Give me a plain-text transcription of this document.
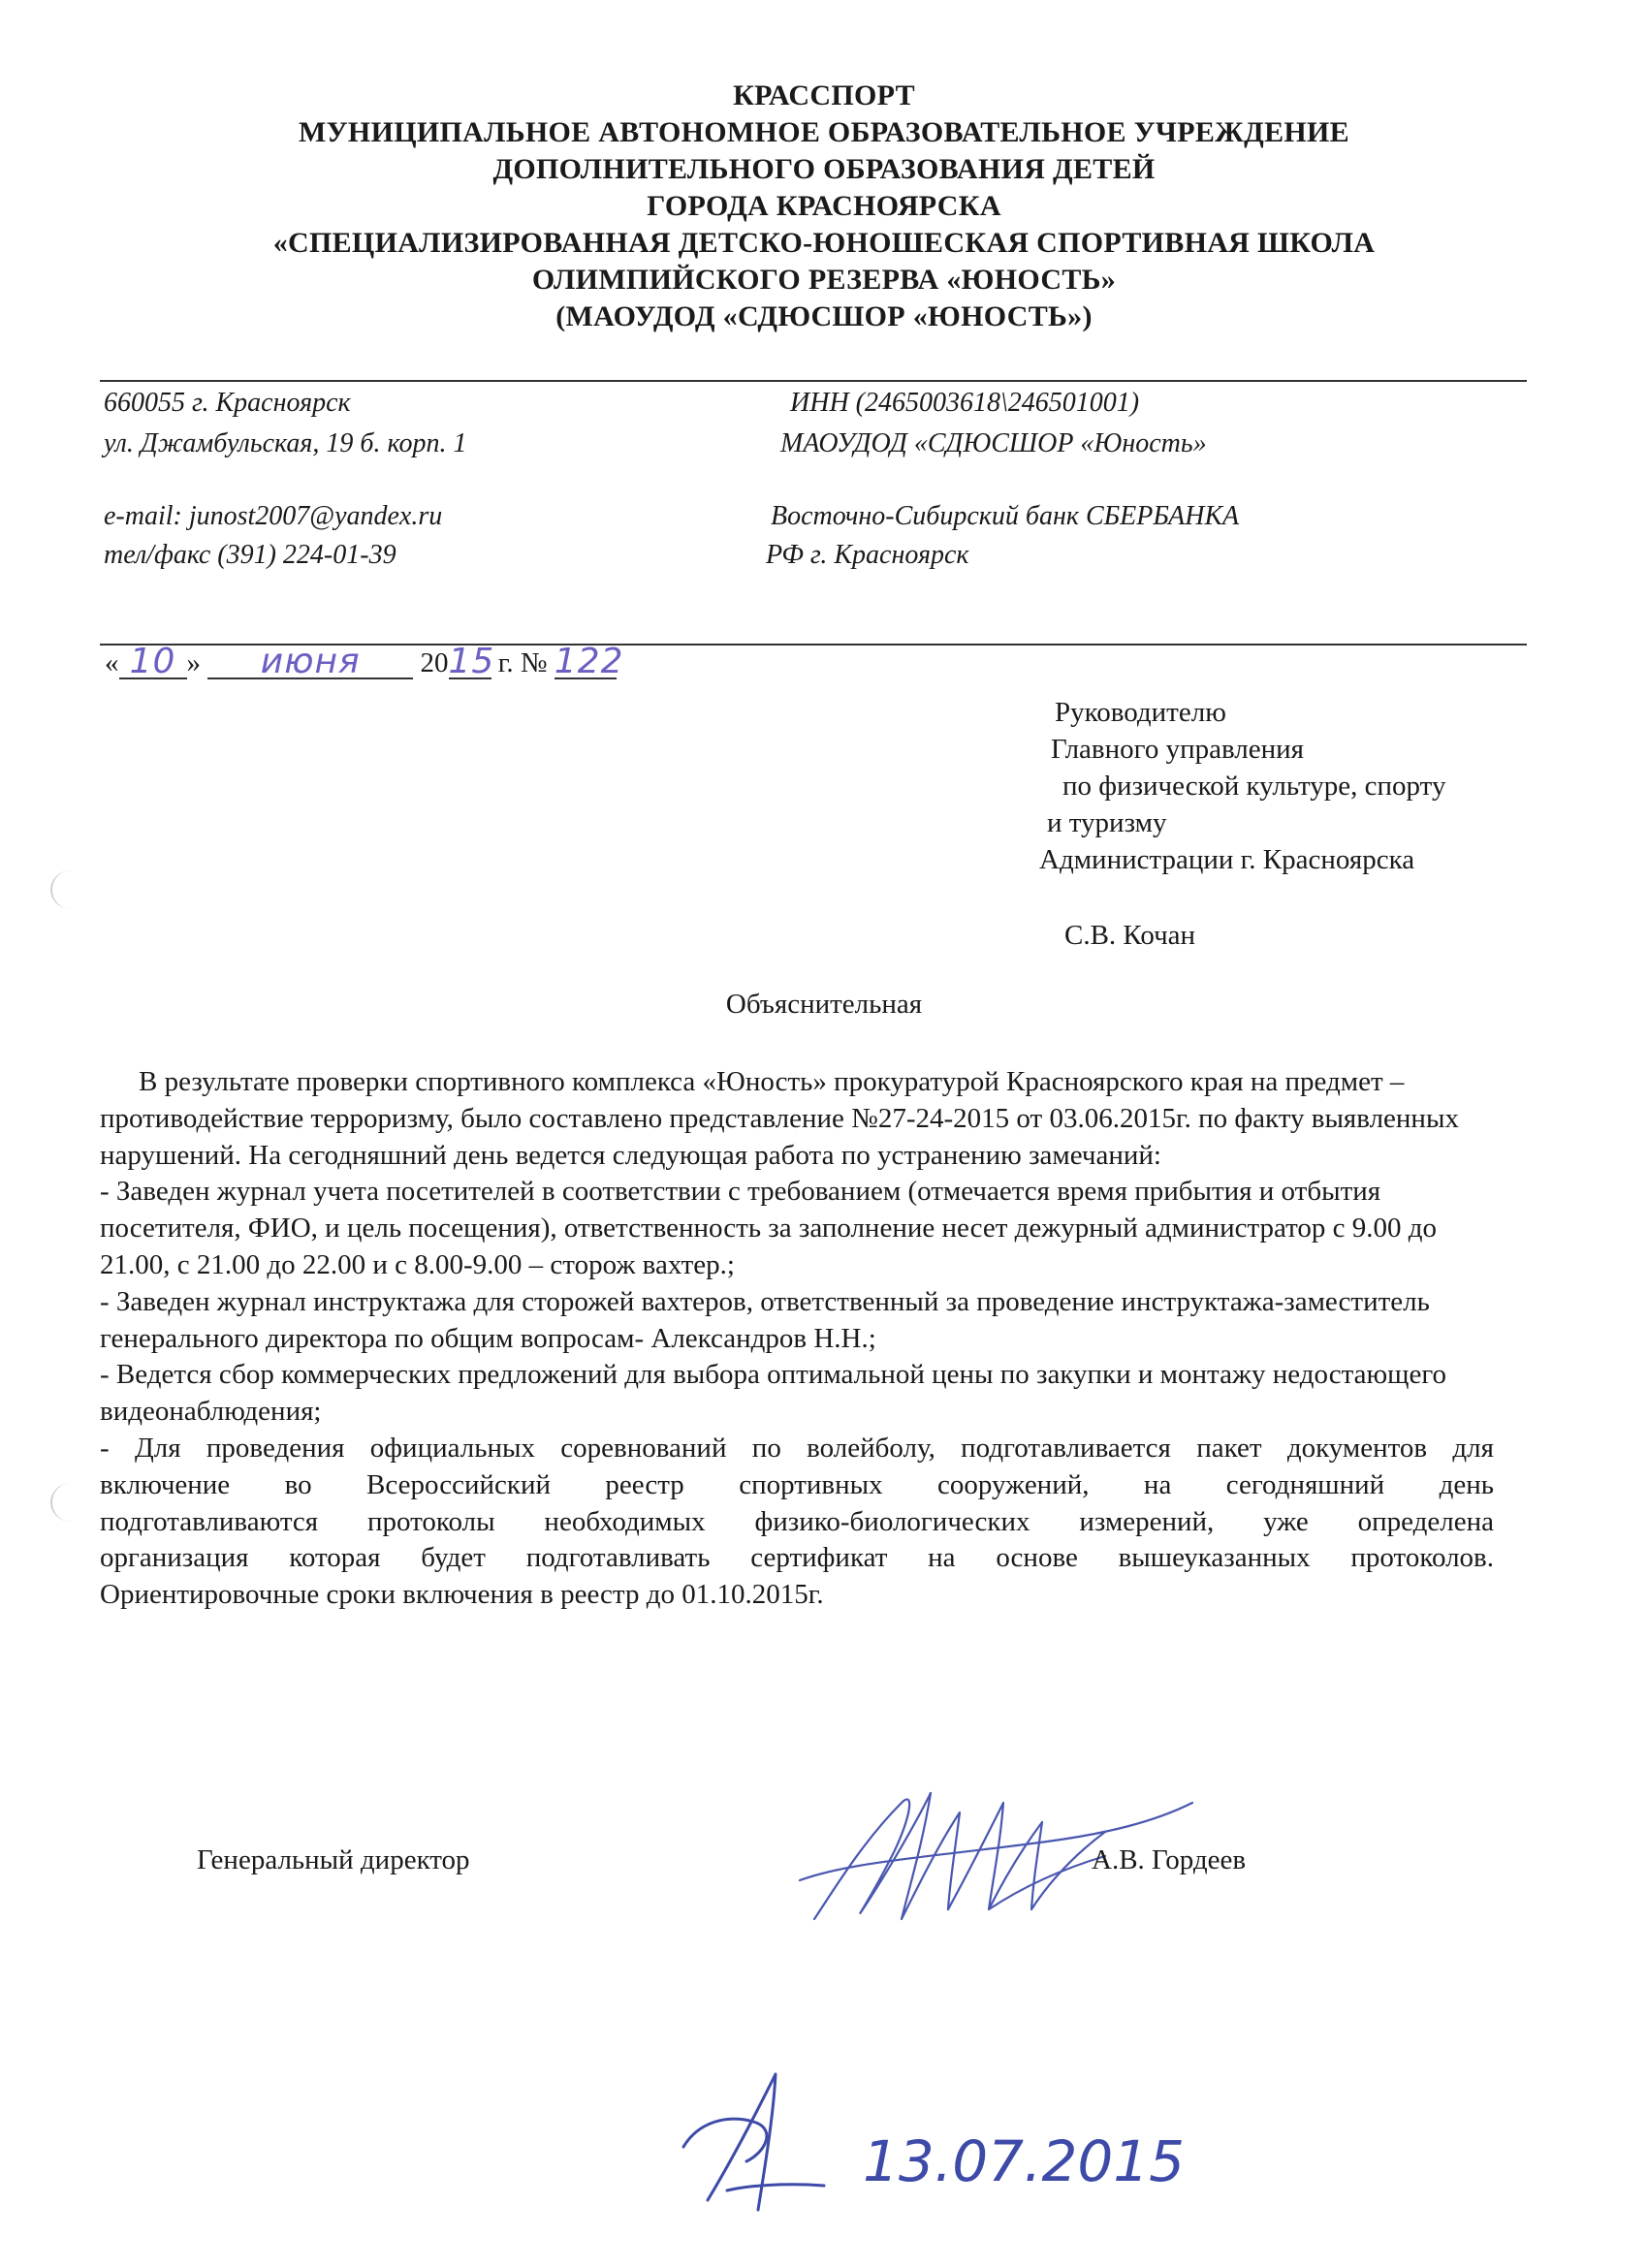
КРАССПОРТ

МУНИЦИПАЛЬНОЕ АВТОНОМНОЕ ОБРАЗОВАТЕЛЬНОЕ УЧРЕЖДЕНИЕ

ДОПОЛНИТЕЛЬНОГО ОБРАЗОВАНИЯ ДЕТЕЙ

ГОРОДА КРАСНОЯРСКА

«СПЕЦИАЛИЗИРОВАННАЯ ДЕТСКО-ЮНОШЕСКАЯ СПОРТИВНАЯ ШКОЛА

ОЛИМПИЙСКОГО РЕЗЕРВА «ЮНОСТЬ»

(МАОУДОД «СДЮСШОР «ЮНОСТЬ»)

660055 г. Красноярск
ул. Джамбульская, 19 б. корп. 1
e-mail: junost2007@yandex.ru
тел/факс (391) 224-01-39
ИНН (2465003618\246501001)
МАОУДОД «СДЮСШОР «Юность»
Восточно-Сибирский банк СБЕРБАНКА
РФ г. Красноярск
« 10 »	июня	20 15 г. № 122
Руководителю
Главного управления
по физической культуре, спорту
и туризму
Администрации г. Красноярска
С.В. Кочан
Объяснительная

В результате проверки спортивного комплекса «Юность» прокуратурой Красноярского края на предмет – противодействие терроризму, было составлено представление №27-24-2015 от 03.06.2015г. по факту выявленных нарушений. На сегодняшний день ведется следующая работа по устранению замечаний:

- Заведен журнал учета посетителей в соответствии с требованием (отмечается время прибытия и отбытия посетителя, ФИО, и цель посещения), ответственность за заполнение несет дежурный администратор с 9.00 до 21.00, с 21.00 до 22.00 и с 8.00-9.00 – сторож вахтер.;

- Заведен журнал инструктажа для сторожей вахтеров, ответственный за проведение инструктажа-заместитель генерального директора по общим вопросам- Александров Н.Н.;

- Ведется сбор коммерческих предложений для выбора оптимальной цены по закупки и монтажу недостающего видеонаблюдения;

- Для проведения официальных соревнований по волейболу, подготавливается пакет документов для

включение во Всероссийский реестр спортивных сооружений, на сегодняшний день

подготавливаются протоколы необходимых физико-биологических измерений, уже определена

организация которая будет подготавливать сертификат на основе вышеуказанных протоколов.

Ориентировочные сроки включения в реестр до 01.10.2015г.

Генеральный директор	А.В. Гордеев
13.07.2015
